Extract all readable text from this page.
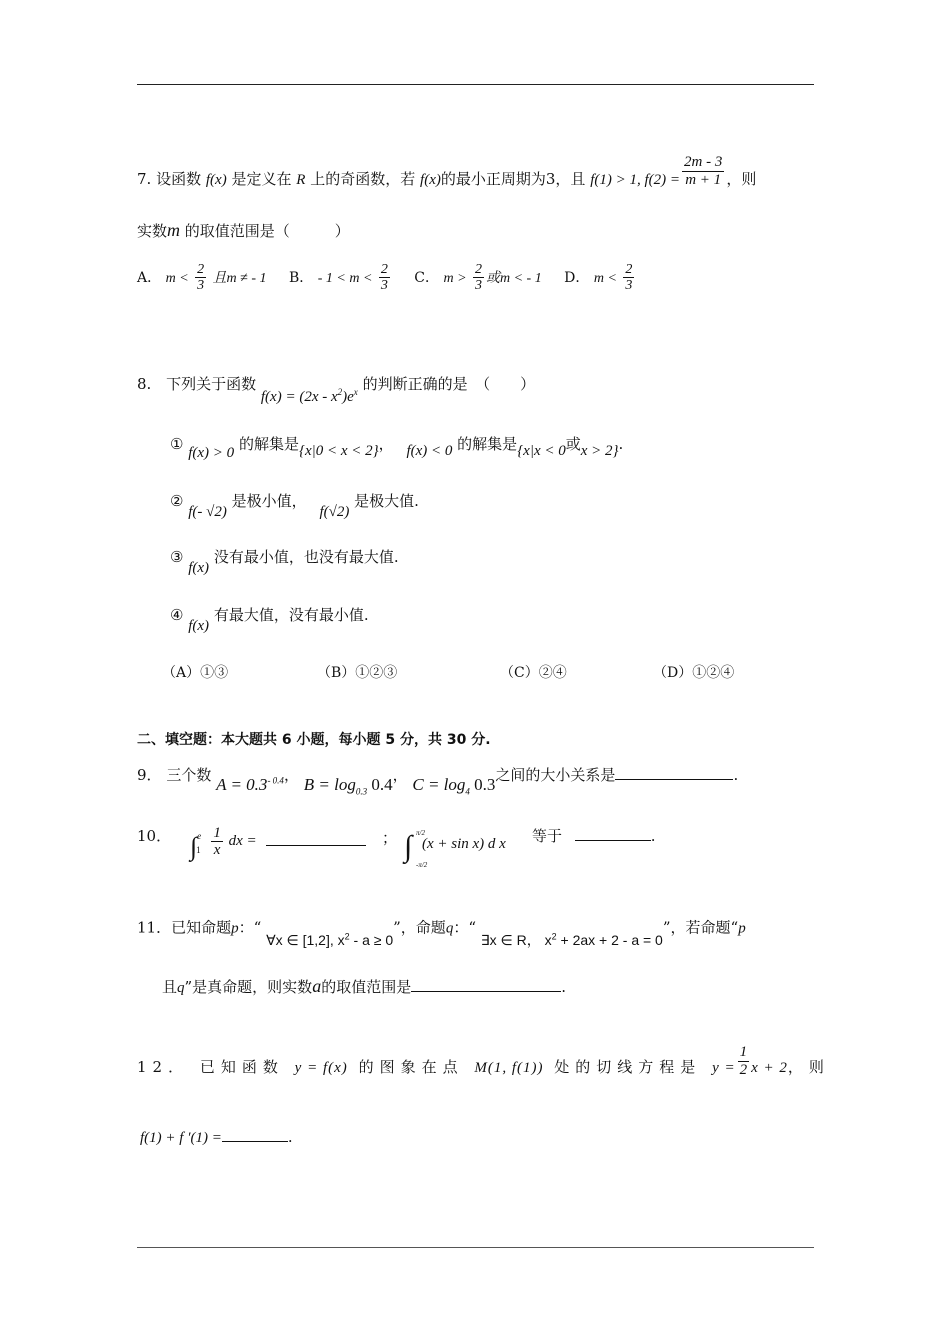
7. 设函数 f(x) 是定义在 R 上的奇函数，若 f(x)的最小正周期为3，且 f(1) > 1, $f(2) = \frac{2m - 3}{m + 1}$ ，则
实数m 的取值范围是（　　　）
A． $m < \frac{2}{3}$ 且m ≠ - 1 B． - $1 < m < \frac{2}{3}$ C． $m > \frac{2}{3}$ 或m < - 1 D． $m < \frac{2}{3}$
8. 下列关于函数 $f(x) = (2x - x^2)e^x$ 的判断正确的是　（　　）
① f(x) > 0 的解集是{x|0 < x < 2}， f(x) < 0 的解集是{x|x < 0或x > 2}.
② f(- √2) 是极小值， f(√2) 是极大值.
③ f(x) 没有最小值，也没有最大值.
④ f(x) 有最大值，没有最小值.
（A）①③	（B）①②③	（C）②④	（D）①②④
二、填空题：本大题共 6 小题，每小题 5 分，共 30 分.
9． 三个数 $A = 0.3^{- 0.4}$， $B = \log_{0.3} 0.4$， $C = \log_4 0.3$之间的大小关系是	.
10． $\int^e1 \frac{1}{x}$ dx =	； ∫ π/2
-π/2
(x + sin x) d x 等于	.
11．已知命题p：“ ∀x ∈ [1,2], $x^2 - a \ge 0$”，命题q：“ ∃x ∈ R， $x^2 + 2ax + 2 - a = 0$”，若命题“p
且q”是真命题，则实数a的取值范围是	.
12． 已知函数 y = f(x) 的图象在点 M(1, f(1)) 处的切线方程是 $y = \frac{1}{2}$ x + 2，则
f(1) + f ′(1) =	.
